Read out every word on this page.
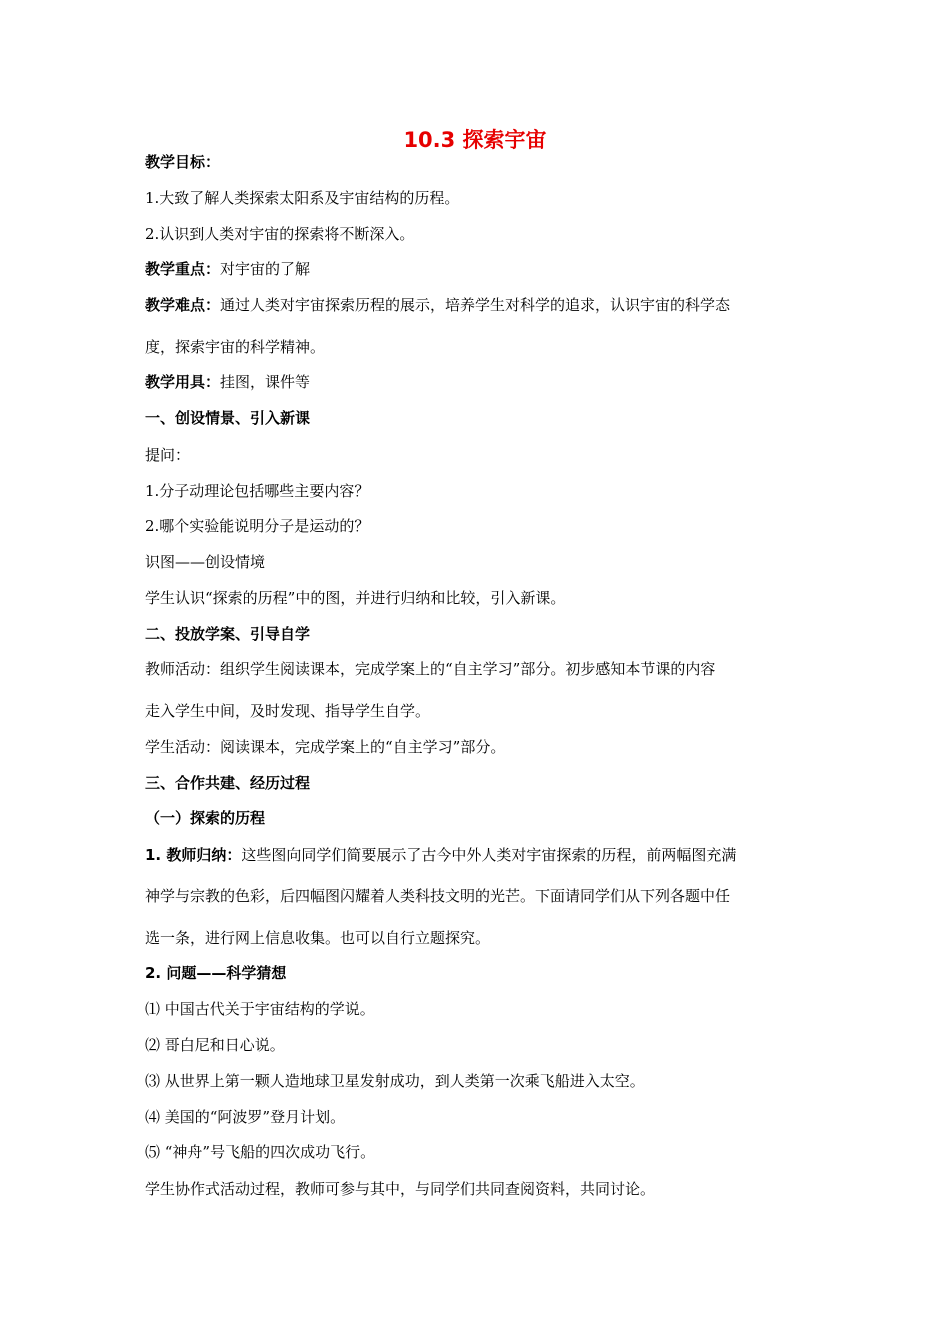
10.3 探索宇宙
教学目标：
1.大致了解人类探索太阳系及宇宙结构的历程。
2.认识到人类对宇宙的探索将不断深入。
教学重点：对宇宙的了解
教学难点：通过人类对宇宙探索历程的展示，培养学生对科学的追求，认识宇宙的科学态
度，探索宇宙的科学精神。
教学用具：挂图，课件等
一、创设情景、引入新课
提问：
1.分子动理论包括哪些主要内容？
2.哪个实验能说明分子是运动的？
识图——创设情境
学生认识“探索的历程”中的图，并进行归纳和比较，引入新课。
二、投放学案、引导自学
教师活动：组织学生阅读课本，完成学案上的“自主学习”部分。初步感知本节课的内容
走入学生中间，及时发现、指导学生自学。
学生活动：阅读课本，完成学案上的“自主学习”部分。
三、合作共建、经历过程
（一）探索的历程
1. 教师归纳：这些图向同学们简要展示了古今中外人类对宇宙探索的历程，前两幅图充满
神学与宗教的色彩，后四幅图闪耀着人类科技文明的光芒。下面请同学们从下列各题中任
选一条，进行网上信息收集。也可以自行立题探究。
2. 问题——科学猜想
⑴ 中国古代关于宇宙结构的学说。
⑵ 哥白尼和日心说。
⑶ 从世界上第一颗人造地球卫星发射成功，到人类第一次乘飞船进入太空。
⑷ 美国的“阿波罗”登月计划。
⑸ “神舟”号飞船的四次成功飞行。
学生协作式活动过程，教师可参与其中，与同学们共同查阅资料，共同讨论。
